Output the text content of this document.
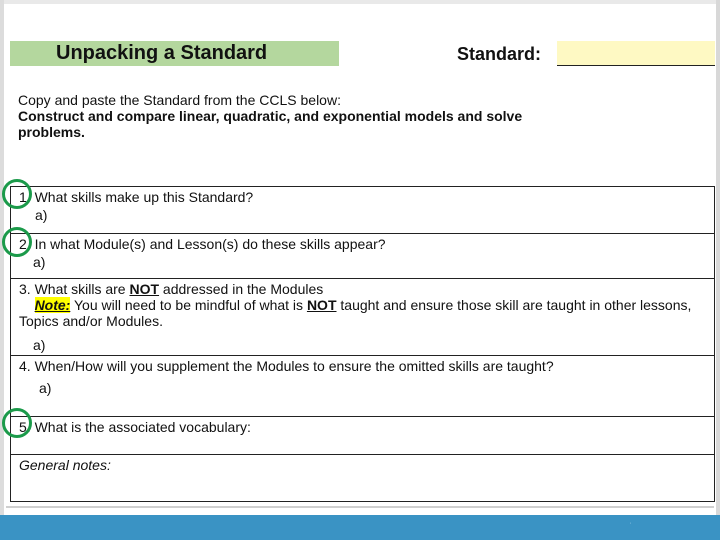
Unpacking a Standard	Standard:
Copy and paste the Standard from the CCLS below:
Construct and compare linear, quadratic, and exponential models and solve problems.
1. What skills make up this Standard?
a)
2. In what Module(s) and Lesson(s) do these skills appear?
a)
3. What skills are NOT addressed in the Modules
Note: You will need to be mindful of what is NOT taught and ensure those skill are taught in other lessons, Topics and/or Modules.
a)
4. When/How will you supplement the Modules to ensure the omitted skills are taught?
a)
5. What is the associated vocabulary:
General notes:
'
